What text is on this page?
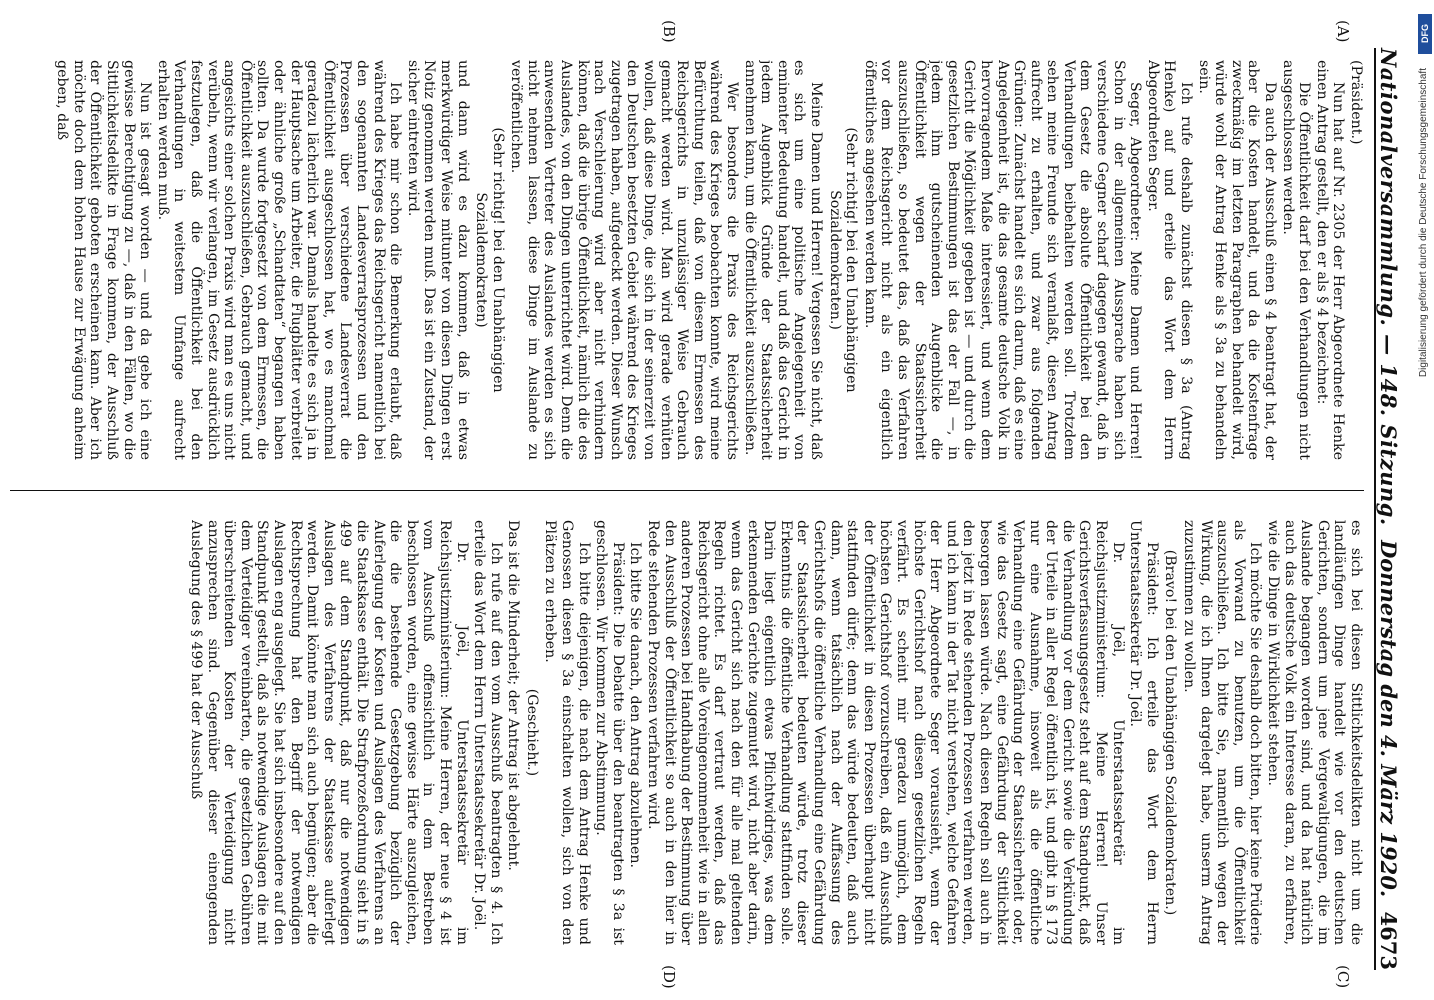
Nationalversammlung. — 148. Sitzung.
Donnerstag den 4. März 1920.
4673
(A)
(B)
(C)
(D)

(Präsident.)

Nun hat auf Nr. 2305 der Herr Abgeordnete Henke einen Antrag gestellt, den er als § 4 bezeichnet:

Die Öffentlichkeit darf bei den Verhandlungen nicht ausgeschlossen werden.

Da auch der Ausschuß einen § 4 beantragt hat, der aber die Kosten handelt, und da die Kostenfrage zweckmäßig im letzten Paragraphen behandelt wird, würde wohl der Antrag Henke als § 3a zu behandeln sein.

Ich rufe deshalb zunächst diesen § 3a (Antrag Henke) auf und erteile das Wort dem Herrn Abgeordneten Seger.

Seger, Abgeordneter: Meine Damen und Herren! Schon in der allgemeinen Aussprache haben sich verschiedene Gegner scharf dagegen gewandt, daß in dem Gesetz die absolute Öffentlichkeit bei den Verhandlungen beibehalten werden soll. Trotzdem sehen meine Freunde sich veranlaßt, diesen Antrag aufrecht zu erhalten, und zwar aus folgenden Gründen: Zunächst handelt es sich darum, daß es eine Angelegenheit ist, die das gesamte deutsche Volk in hervorragendem Maße interessiert, und wenn dem Gericht die Möglichkeit gegeben ist — und durch die gesetzlichen Bestimmungen ist das der Fall —, in jedem ihm gutscheinenden Augenblicke die Öffentlichkeit wegen der Staatssicherheit auszuschließen, so bedeutet das, daß das Verfahren vor dem Reichsgericht nicht als ein eigentlich öffentliches angesehen werden kann.

(Sehr richtig! bei den Unabhängigen Sozialdemokraten.)

Meine Damen und Herren! Vergessen Sie nicht, daß es sich um eine politische Angelegenheit von eminenter Bedeutung handelt, und daß das Gericht in jedem Augenblick Gründe der Staatssicherheit annehmen kann, um die Öffentlichkeit auszuschließen.

Wer besonders die Praxis des Reichsgerichts während des Krieges beobachten konnte, wird meine Befürchtung teilen, daß von diesem Ermessen des Reichsgerichts in unzulässiger Weise Gebrauch gemacht werden wird. Man wird gerade verhüten wollen, daß diese Dinge, die sich in der seinerzeit von den Deutschen besetzten Gebiet während des Krieges zugetragen haben, aufgedeckt werden. Dieser Wunsch nach Verschleierung wird aber nicht verhindern können, daß die übrige Öffentlichkeit, nämlich die des Auslandes, von den Dingen unterrichtet wird. Denn die anwesenden Vertreter des Auslandes werden es sich nicht nehmen lassen, diese Dinge im Auslande zu veröffentlichen.

(Sehr richtig! bei den Unabhängigen Sozialdemokraten)

und dann wird es dazu kommen, daß in etwas merkwürdiger Weise mitunter von diesen Dingen erst Notiz genommen werden muß. Das ist ein Zustand, der sicher eintreten wird.

Ich habe mir schon die Bemerkung erlaubt, daß während des Krieges das Reichsgericht namentlich bei den sogenannten Landesverratsprozessen und den Prozessen über verschiedene Landesverrat die Öffentlichkeit ausgeschlossen hat, wo es manchmal geradezu lächerlich war. Damals handelte es sich ja in der Hauptsache um Arbeiter, die Flugblätter verbreitet oder ähnliche große „Schandtaten“ begangen haben sollten. Da wurde fortgesetzt von dem Ermessen, die Öffentlichkeit auszuschließen, Gebrauch gemacht, und angesichts einer solchen Praxis wird man es uns nicht verübeln, wenn wir verlangen, im Gesetz ausdrücklich festzulegen, daß die Öffentlichkeit bei den Verhandlungen in weitestem Umfange aufrecht erhalten werden muß.

Nun ist gesagt worden — und da gebe ich eine gewisse Berechtigung zu —, daß in den Fällen, wo die Sittlichkeitsdelikte in Frage kommen, der Ausschluß der Öffentlichkeit geboten erscheinen kann. Aber ich möchte doch dem hohen Hause zur Erwägung anheim geben, daß

es sich bei diesen Sittlichkeitsdelikten nicht um die landläufigen Dinge handelt wie vor den deutschen Gerichten, sondern um jene Vergewaltigungen, die im Auslande begangen worden sind, und da hat natürlich auch das deutsche Volk ein Interesse daran, zu erfahren, wie die Dinge in Wirklichkeit stehen.

Ich möchte Sie deshalb doch bitten, hier keine Prüderie als Vorwand zu benutzen, um die Öffentlichkeit auszuschließen. Ich bitte Sie, namentlich wegen der Wirkung, die ich Ihnen dargelegt habe, unserm Antrag zuzustimmen zu wollen.

(Bravo! bei den Unabhängigen Sozialdemokraten.)

Präsident: Ich erteile das Wort dem Herrn Unterstaatssekretär Dr. Joël.

Dr. Joël, Unterstaatssekretär im Reichsjustizministerium: Meine Herren! Unser Gerichtsverfassungsgesetz steht auf dem Standpunkt, daß die Verhandlung vor dem Gericht sowie die Verkündung der Urteile in aller Regel öffentlich ist, und gibt in § 173 nur eine Ausnahme, insoweit als die öffentliche Verhandlung eine Gefährdung der Staatssicherheit oder, wie das Gesetz sagt, eine Gefährdung der Sittlichkeit besorgen lassen würde. Nach diesen Regeln soll auch in den jetzt in Rede stehenden Prozessen verfahren werden, und ich kann in der Tat nicht verstehen, welche Gefahren der Herr Abgeordnete Seger voraussieht, wenn der höchste Gerichtshof nach diesen gesetzlichen Regeln verfährt. Es scheint mir geradezu unmöglich, dem höchsten Gerichtshof vorzuschreiben, daß ein Ausschluß der Öffentlichkeit in diesen Prozessen überhaupt nicht stattfinden dürfe; denn das würde bedeuten, daß auch dann, wenn tatsächlich nach der Auffassung des Gerichtshofs die öffentliche Verhandlung eine Gefährdung der Staatssicherheit bedeuten würde, trotz dieser Erkenntnis die öffentliche Verhandlung stattfinden solle. Darin liegt eigentlich etwas Pflichtwidriges, was dem erkennenden Gerichte zugemutet wird, nicht aber darin, wenn das Gericht sich nach den für alle mal geltenden Regeln richtet. Es darf vertraut werden, daß das Reichsgericht ohne alle Voreingenommenheit wie in allen anderen Prozessen bei Handhabung der Bestimmung über den Ausschluß der Öffentlichkeit so auch in den hier in Rede stehenden Prozessen verfahren wird.

Ich bitte Sie danach, den Antrag abzulehnen.

Präsident: Die Debatte über den beantragten § 3a ist geschlossen. Wir kommen zur Abstimmung.

Ich bitte diejenigen, die nach dem Antrag Henke und Genossen diesen § 3a einschalten wollen, sich von den Plätzen zu erheben.

(Geschieht.)

Das ist die Minderheit; der Antrag ist abgelehnt.

Ich rufe auf den vom Ausschuß beantragten § 4. Ich erteile das Wort dem Herrn Unterstaatssekretär Dr. Joël.

Dr. Joël, Unterstaatssekretär im Reichsjustizministerium: Meine Herren, der neue § 4 ist vom Ausschuß offensichtlich in dem Bestreben beschlossen worden, eine gewisse Härte auszugleichen, die die bestehende Gesetzgebung bezüglich der Auferlegung der Kosten und Auslagen des Verfahrens an die Staatskasse enthält. Die Strafprozeßordnung sieht in § 499 auf dem Standpunkt, daß nur die notwendigen Auslagen des Verfahrens der Staatskasse auferlegt werden. Damit könnte man sich auch begnügen; aber die Rechtsprechung hat den Begriff der notwendigen Auslagen eng ausgelegt. Sie hat sich insbesondere auf den Standpunkt gestellt, daß als notwendige Auslagen die mit dem Verteidiger vereinbarten, die gesetzlichen Gebühren überschreitenden Kosten der Verteidigung nicht anzusprechen sind. Gegenüber dieser einengenden Auslegung des § 499 hat der Ausschuß

DFG
Digitalisierung gefördert durch die Deutsche Forschungsgemeinschaft
